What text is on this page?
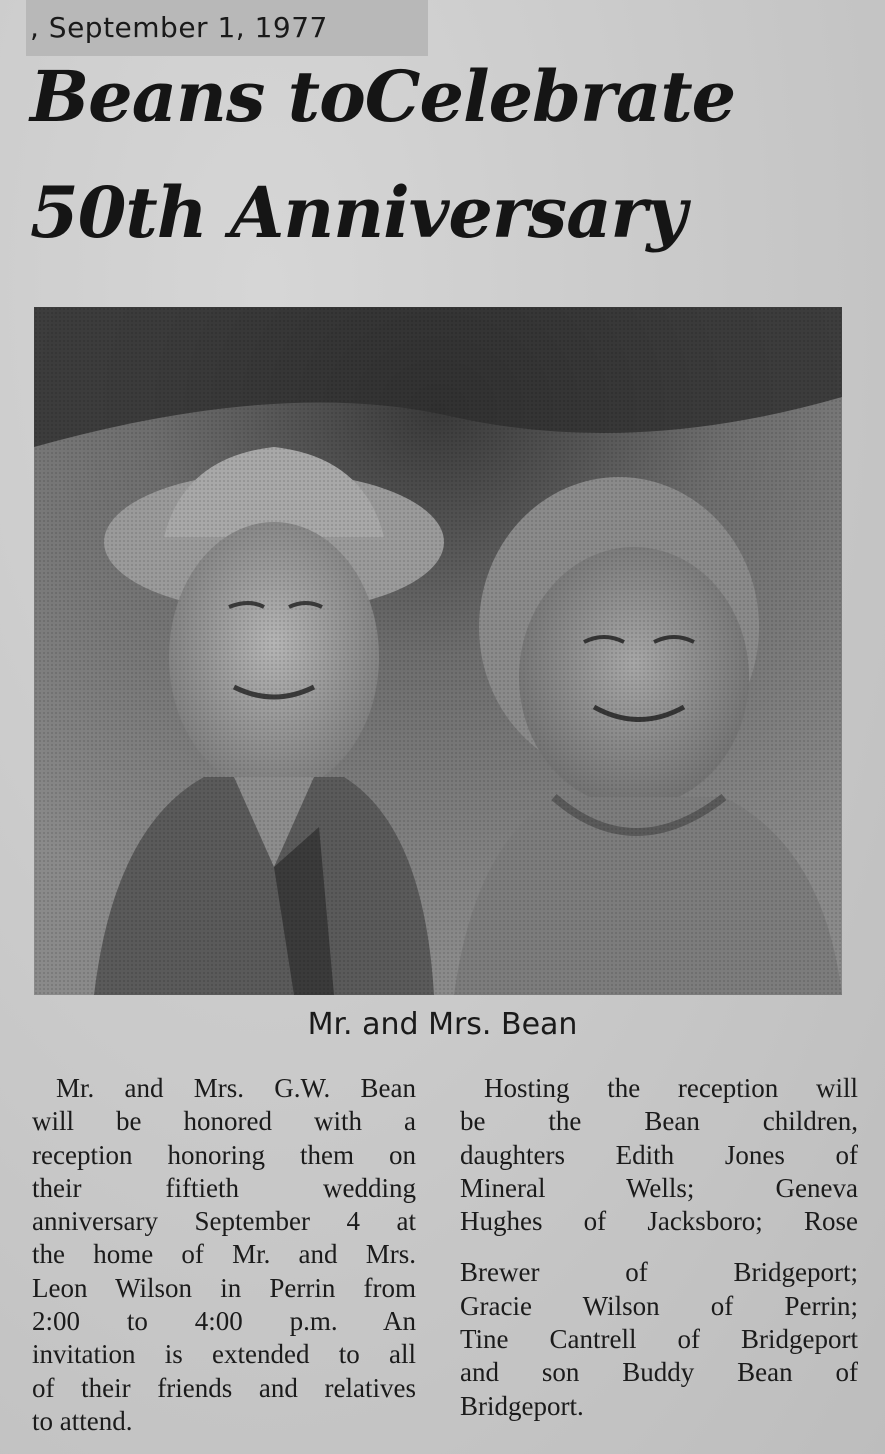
, September 1, 1977
Beans toCelebrate
50th Anniversary
Mr. and Mrs. Bean
Mr. and Mrs. G.W. Bean
will be honored with a
reception honoring them on
their fiftieth wedding
anniversary September 4 at
the home of Mr. and Mrs.
Leon Wilson in Perrin from
2:00 to 4:00 p.m. An
invitation is extended to all
of their friends and relatives
to attend.
Hosting the reception will
be the Bean children,
daughters Edith Jones of
Mineral Wells; Geneva
Hughes of Jacksboro; Rose
Brewer of Bridgeport;
Gracie Wilson of Perrin;
Tine Cantrell of Bridgeport
and son Buddy Bean of
Bridgeport.
